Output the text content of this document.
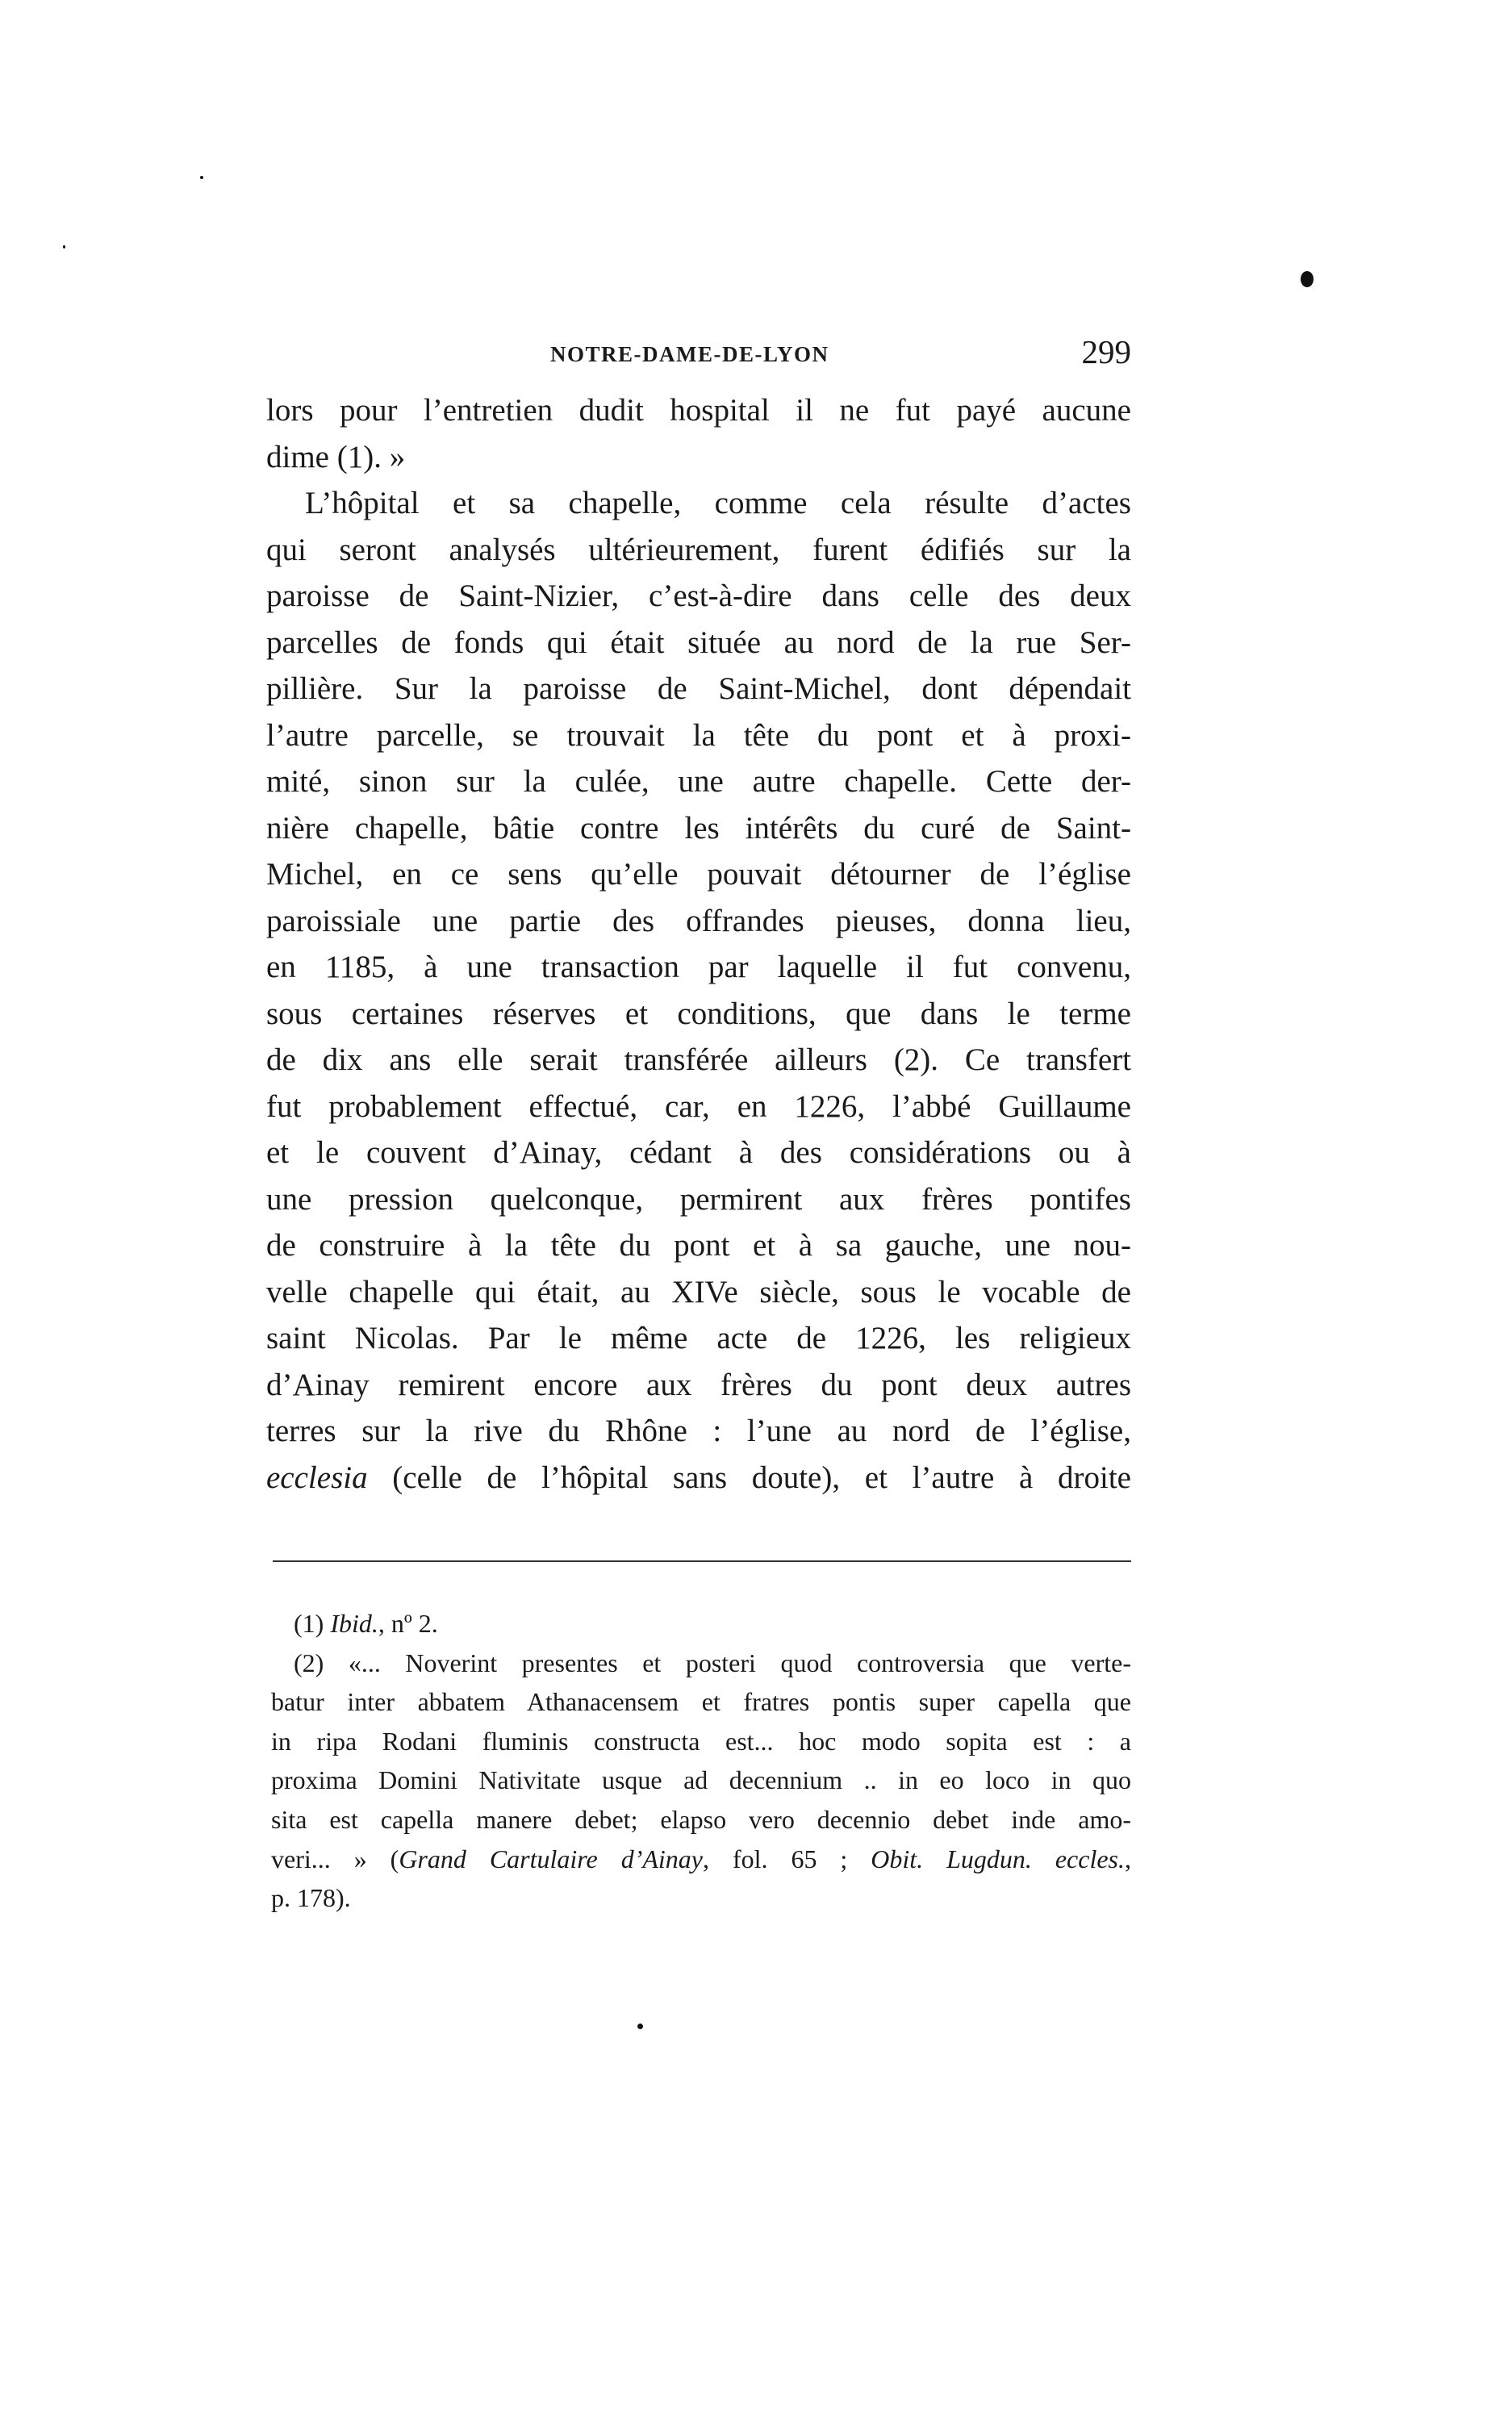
NOTRE-DAME-DE-LYON	299
lors pour l’entretien dudit hospital il ne fut payé aucune
dime (1). »
L’hôpital et sa chapelle, comme cela résulte d’actes
qui seront analysés ultérieurement, furent édifiés sur la
paroisse de Saint-Nizier, c’est-à-dire dans celle des deux
parcelles de fonds qui était située au nord de la rue Ser-
pillière. Sur la paroisse de Saint-Michel, dont dépendait
l’autre parcelle, se trouvait la tête du pont et à proxi-
mité, sinon sur la culée, une autre chapelle. Cette der-
nière chapelle, bâtie contre les intérêts du curé de Saint-
Michel, en ce sens qu’elle pouvait détourner de l’église
paroissiale une partie des offrandes pieuses, donna lieu,
en 1185, à une transaction par laquelle il fut convenu,
sous certaines réserves et conditions, que dans le terme
de dix ans elle serait transférée ailleurs (2). Ce transfert
fut probablement effectué, car, en 1226, l’abbé Guillaume
et le couvent d’Ainay, cédant à des considérations ou à
une pression quelconque, permirent aux frères pontifes
de construire à la tête du pont et à sa gauche, une nou-
velle chapelle qui était, au XIVe siècle, sous le vocable de
saint Nicolas. Par le même acte de 1226, les religieux
d’Ainay remirent encore aux frères du pont deux autres
terres sur la rive du Rhône : l’une au nord de l’église,
ecclesia (celle de l’hôpital sans doute), et l’autre à droite
(1) Ibid., nº 2.
(2) «... Noverint presentes et posteri quod controversia que verte-
batur inter abbatem Athanacensem et fratres pontis super capella que
in ripa Rodani fluminis constructa est... hoc modo sopita est : a
proxima Domini Nativitate usque ad decennium .. in eo loco in quo
sita est capella manere debet; elapso vero decennio debet inde amo-
veri... » (Grand Cartulaire d’Ainay, fol. 65 ; Obit. Lugdun. eccles.,
p. 178).
